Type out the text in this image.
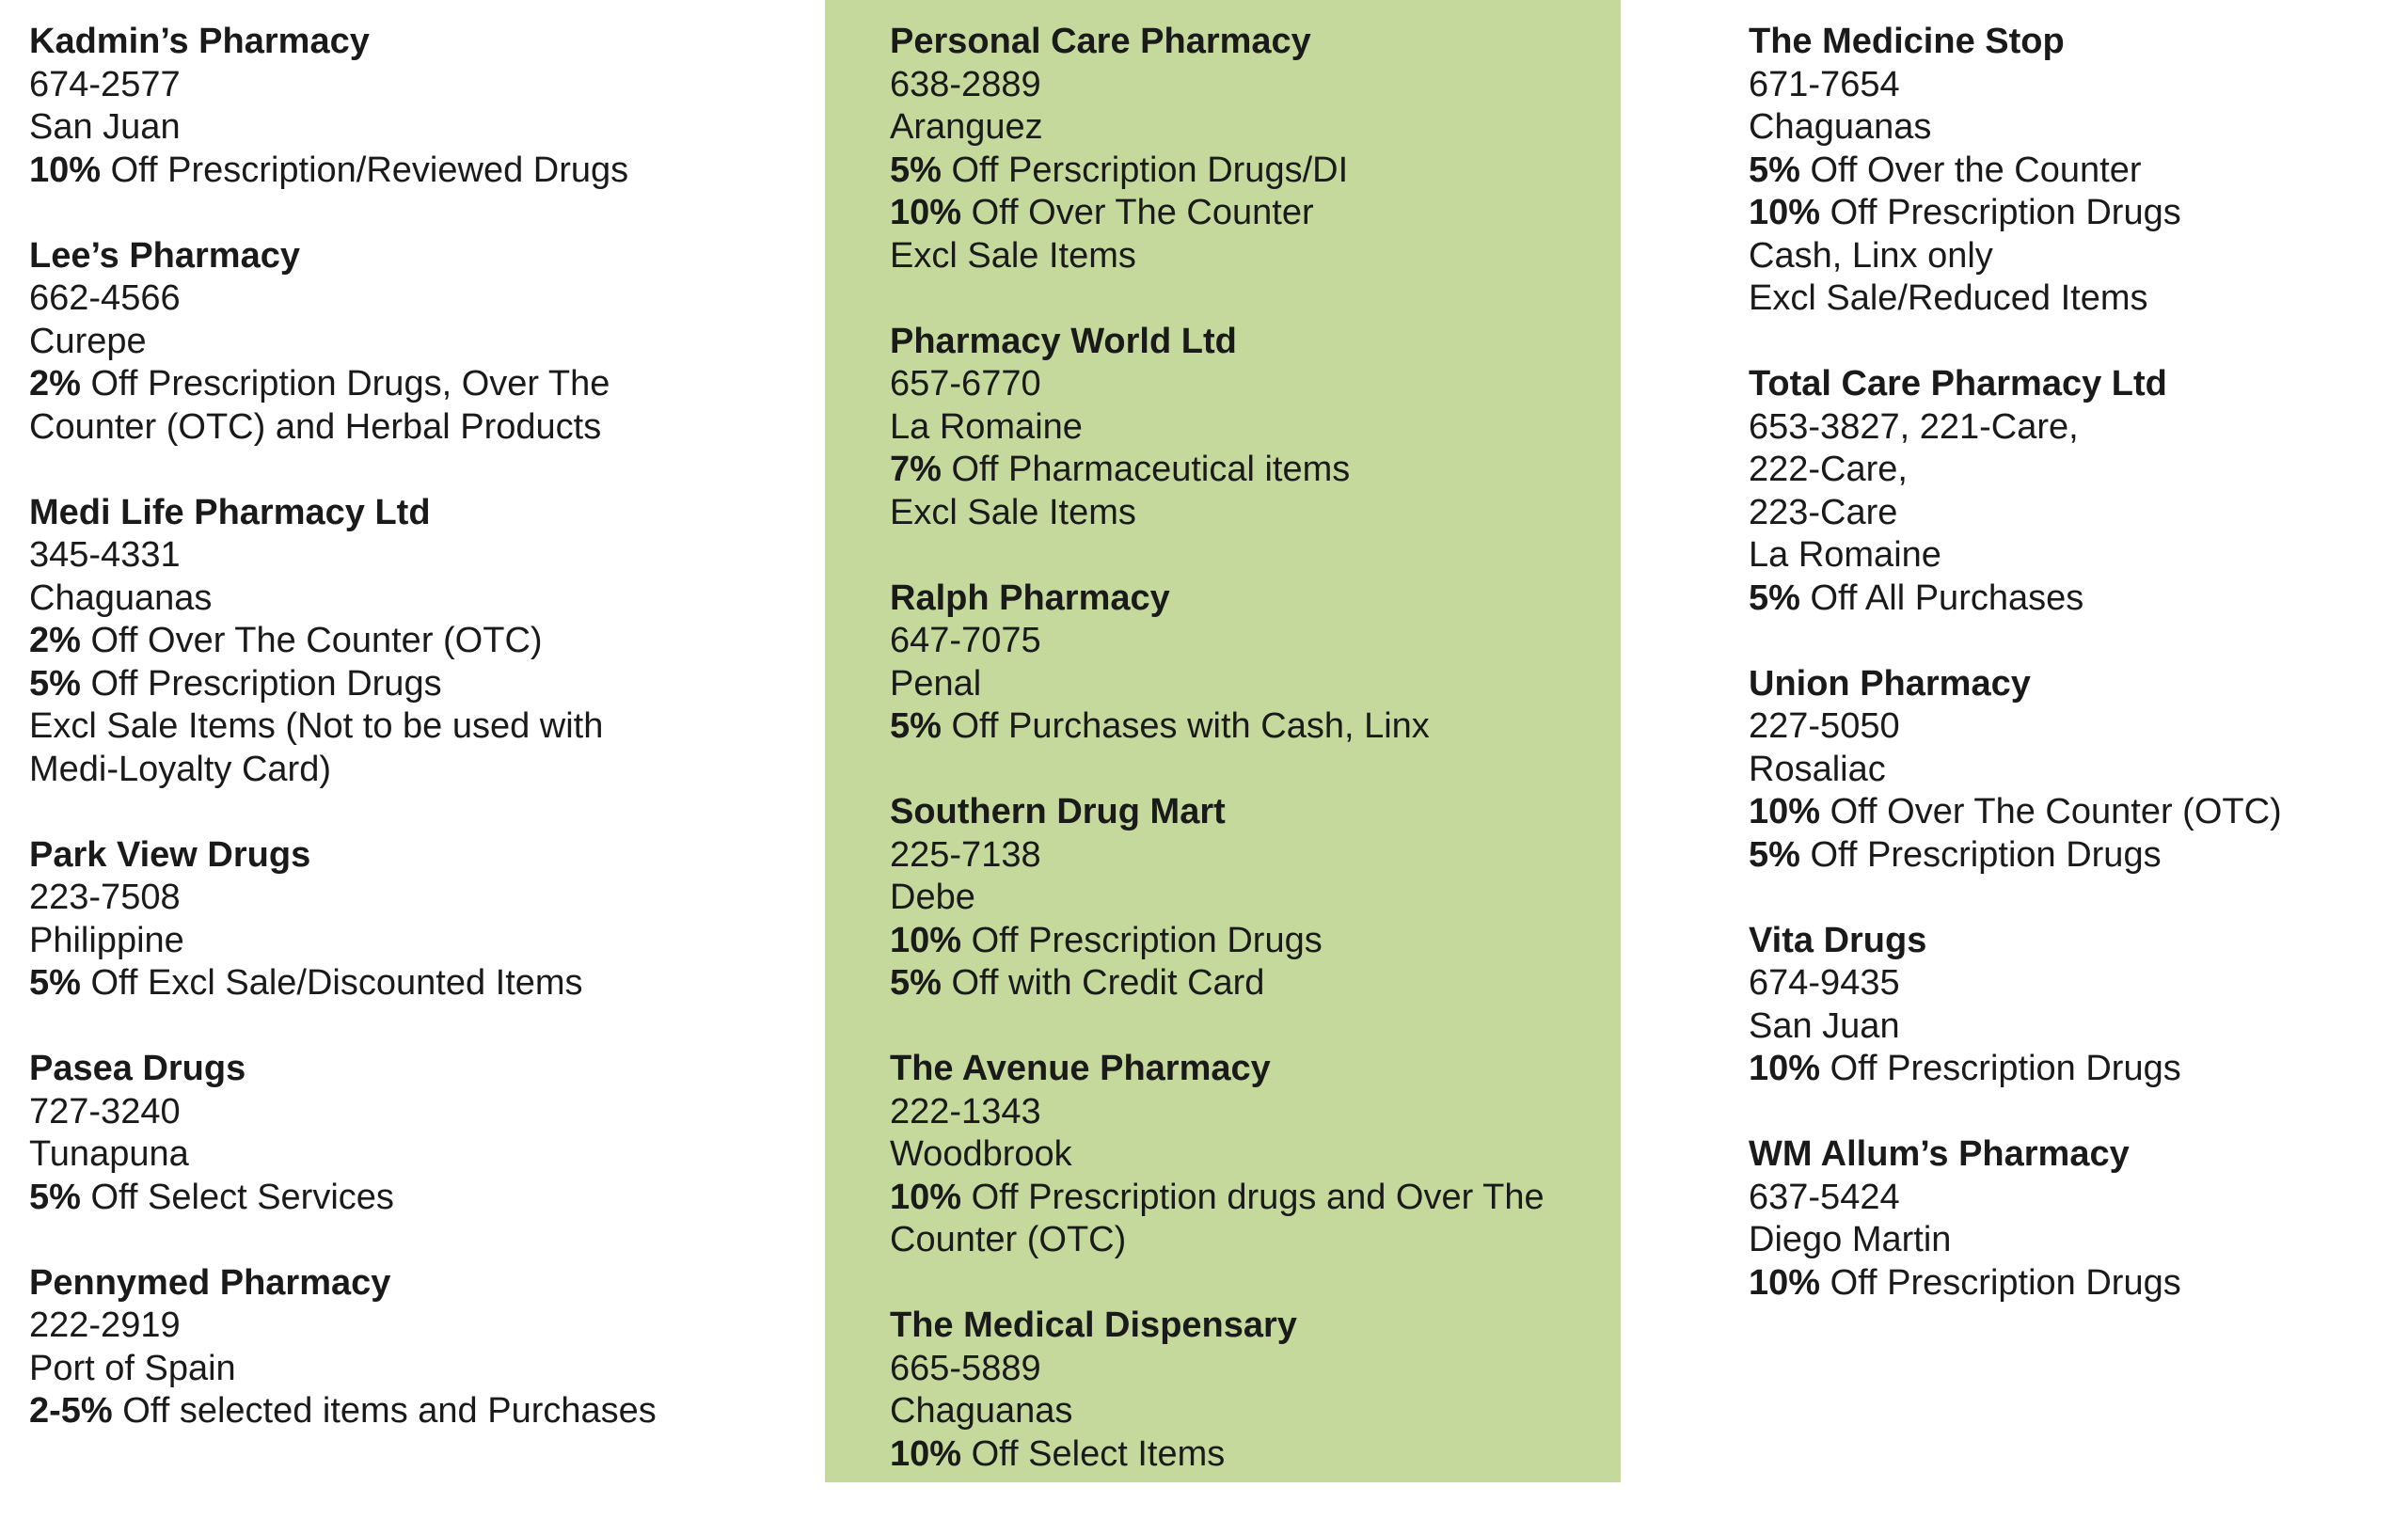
Kadmin’s Pharmacy
674-2577
San Juan
10% Off Prescription/Reviewed Drugs
Lee’s Pharmacy
662-4566
Curepe
2% Off Prescription Drugs, Over The
Counter (OTC) and Herbal Products
Medi Life Pharmacy Ltd
345-4331
Chaguanas
2% Off Over The Counter (OTC)
5% Off Prescription Drugs
Excl Sale Items (Not to be used with
Medi-Loyalty Card)
Park View Drugs
223-7508
Philippine
5% Off Excl Sale/Discounted Items
Pasea Drugs
727-3240
Tunapuna
5% Off Select Services
Pennymed Pharmacy
222-2919
Port of Spain
2-5% Off selected items and Purchases
Personal Care Pharmacy
638-2889
Aranguez
5% Off Perscription Drugs/DI
10% Off Over The Counter
Excl Sale Items
Pharmacy World Ltd
657-6770
La Romaine
7% Off Pharmaceutical items
Excl Sale Items
Ralph Pharmacy
647-7075
Penal
5% Off Purchases with Cash, Linx
Southern Drug Mart
225-7138
Debe
10% Off Prescription Drugs
5% Off with Credit Card
The Avenue Pharmacy
222-1343
Woodbrook
10% Off Prescription drugs and Over The
Counter (OTC)
The Medical Dispensary
665-5889
Chaguanas
10% Off Select Items
The Medicine Stop
671-7654
Chaguanas
5% Off Over the Counter
10% Off Prescription Drugs
Cash, Linx only
Excl Sale/Reduced Items
Total Care Pharmacy Ltd
653-3827, 221-Care,
222-Care,
223-Care
La Romaine
5% Off All Purchases
Union Pharmacy
227-5050
Rosaliac
10% Off Over The Counter (OTC)
5% Off Prescription Drugs
Vita Drugs
674-9435
San Juan
10% Off Prescription Drugs
WM Allum’s Pharmacy
637-5424
Diego Martin
10% Off Prescription Drugs
